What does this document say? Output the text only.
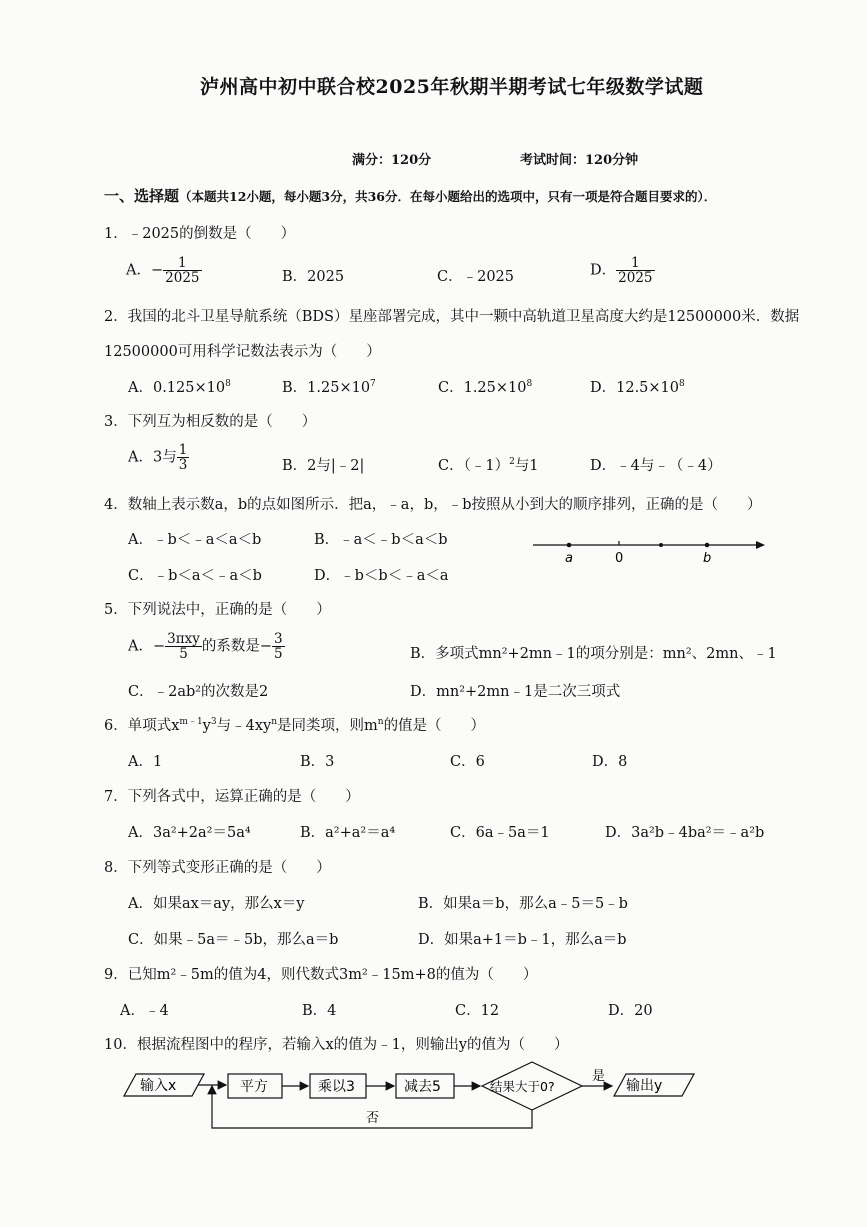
泸州高中初中联合校2025年秋期半期考试七年级数学试题
满分：120分	考试时间：120分钟
一、选择题（本题共12小题，每小题3分，共36分．在每小题给出的选项中，只有一项是符合题目要求的）．
1．﹣2025的倒数是（　　）
A．− $\frac{1}{2025}$	B．2025	C．﹣2025	D． $\frac{1}{2025}$
2．我国的北斗卫星导航系统（BDS）星座部署完成，其中一颗中高轨道卫星高度大约是12500000米．数据
12500000可用科学记数法表示为（　　）
A．$0.125\times 10^8$	B．$1.25\times 10^7$	C．$1.25\times 10^8$	D．$12.5\times 10^8$
3．下列互为相反数的是（　　）
A．3与 $\frac{1}{3}$	B．2与|﹣2|	C．（﹣1）$^2$与1	D．﹣4与﹣（﹣4）
4．数轴上表示数a，b的点如图所示．把a，﹣a，b，﹣b按照从小到大的顺序排列，正确的是（　　）
A．﹣b＜﹣a＜a＜b	B．﹣a＜﹣b＜a＜b
C．﹣b＜a＜﹣a＜b	D．﹣b＜b＜﹣a＜a
a	0	b
5．下列说法中，正确的是（　　）
A．− $\frac{\text{3πxy}}{5}$ 的系数是− $\frac{3}{5}$	B．多项式mn²+2mn﹣1的项分别是：mn²、2mn、﹣1
C．﹣2ab²的次数是2	D．mn²+2mn﹣1是二次三项式
6．单项式$x^{m﹣1}y^3$与$﹣4xy^n$是同类项，则$m^n$的值是（　　）
A．1	B．3	C．6	D．8
7．下列各式中，运算正确的是（　　）
A．3a²+2a²＝5a⁴	B．a²+a²＝a⁴	C．6a﹣5a＝1	D．3a²b﹣4ba²＝﹣a²b
8．下列等式变形正确的是（　　）
A．如果ax＝ay，那么x＝y	B．如果a＝b，那么a﹣5＝5﹣b
C．如果﹣5a＝﹣5b，那么a＝b	D．如果a+1＝b﹣1，那么a＝b
9．已知m²﹣5m的值为4，则代数式3m²﹣15m+8的值为（　　）
A．﹣4	B．4	C．12	D．20
10．根据流程图中的程序，若输入x的值为﹣1，则输出y的值为（　　）
输入x	平方	乘以3	减去5	结果大于0?
是
输出y
否
